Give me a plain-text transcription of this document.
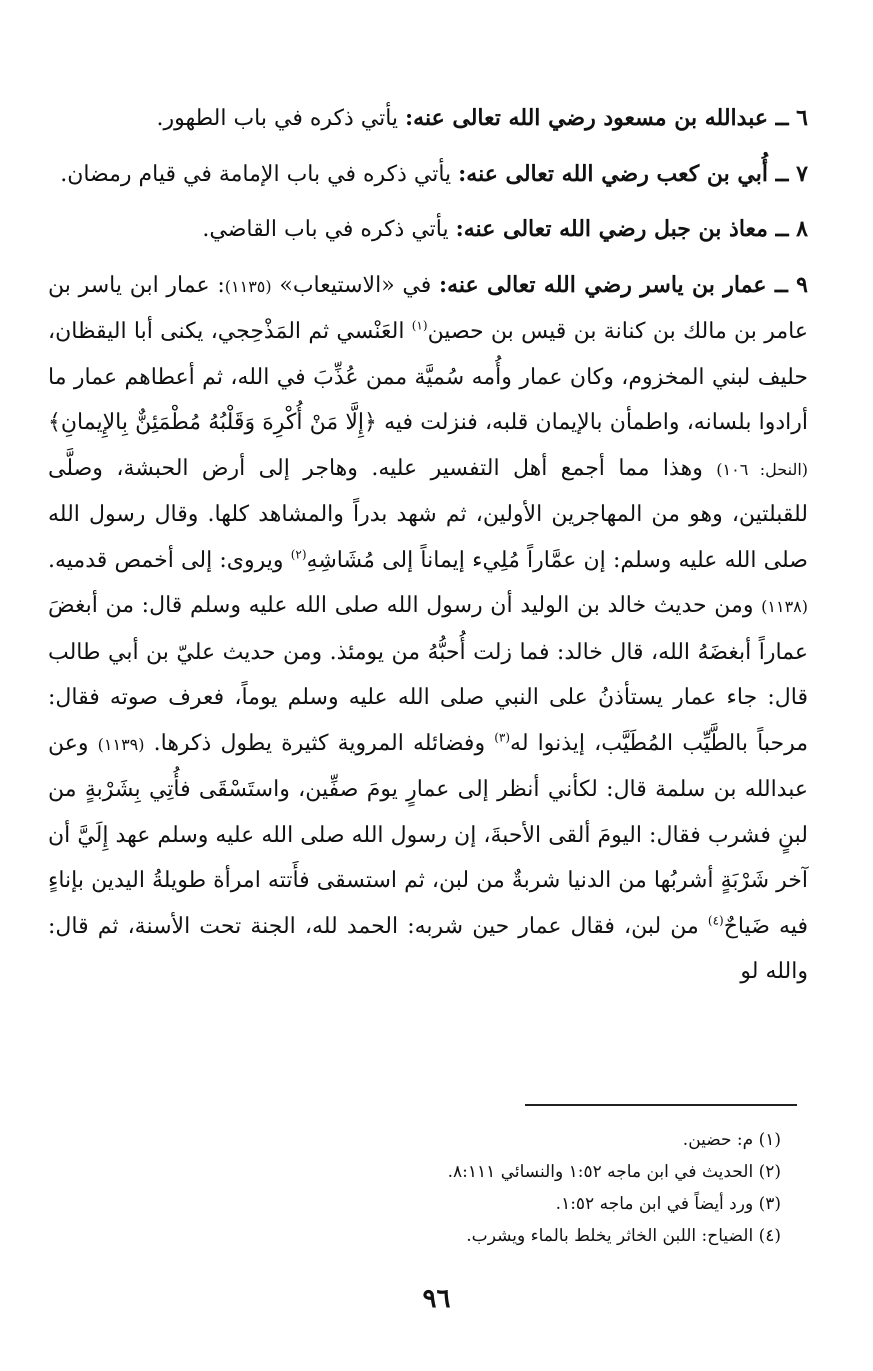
٦ ــ عبدالله بن مسعود رضي الله تعالى عنه: يأتي ذكره في باب الطهور.

٧ ــ أُبي بن كعب رضي الله تعالى عنه: يأتي ذكره في باب الإمامة في قيام رمضان.

٨ ــ معاذ بن جبل رضي الله تعالى عنه: يأتي ذكره في باب القاضي.

٩ ــ عمار بن ياسر رضي الله تعالى عنه: في «الاستيعاب» (١١٣٥): عمار ابن ياسر بن عامر بن مالك بن كنانة بن قيس بن حصين$^{(١)}$ العَنْسي ثم المَذْحِجي، يكنى أبا اليقظان، حليف لبني المخزوم، وكان عمار وأُمه سُميَّة ممن عُذِّبَ في الله، ثم أعطاهم عمار ما أرادوا بلسانه، واطمأن بالإيمان قلبه، فنزلت فيه ﴿إِلَّا مَنْ أُكْرِهَ وَقَلْبُهُ مُطْمَئِنٌّ بِالإِيمانِ﴾ (النحل: ١٠٦) وهذا مما أجمع أهل التفسير عليه. وهاجر إلى أرض الحبشة، وصلَّى للقبلتين، وهو من المهاجرين الأولين، ثم شهد بدراً والمشاهد كلها. وقال رسول الله صلى الله عليه وسلم: إن عمَّاراً مُلِيء إيماناً إلى مُشَاشِهِ$^{(٢)}$ ويروى: إلى أخمص قدميه. (١١٣٨) ومن حديث خالد بن الوليد أن رسول الله صلى الله عليه وسلم قال: من أبغضَ عماراً أبغضَهُ الله، قال خالد: فما زلت أُحبُّهُ من يومئذ. ومن حديث عليّ بن أبي طالب قال: جاء عمار يستأذنُ على النبي صلى الله عليه وسلم يوماً، فعرف صوته فقال: مرحباً بالطَّيِّب المُطَيَّب، إيذنوا له$^{(٣)}$ وفضائله المروية كثيرة يطول ذكرها. (١١٣٩) وعن عبدالله بن سلمة قال: لكأني أنظر إلى عمارٍ يومَ صفِّين، واستَسْقَى فأُتِي بِشَرْبةٍ من لبنٍ فشرب فقال: اليومَ ألقى الأحبةَ، إن رسول الله صلى الله عليه وسلم عهد إِلَيَّ أن آخر شَرْبَةٍ أشربُها من الدنيا شربةٌ من لبن، ثم استسقى فأَتته امرأة طويلةُ اليدين بإناءٍ فيه ضَياحٌ$^{(٤)}$ من لبن، فقال عمار حين شربه: الحمد لله، الجنة تحت الأسنة، ثم قال: والله لو

(١) م: حضين.

(٢) الحديث في ابن ماجه ١:٥٢ والنسائي ٨:١١١.

(٣) ورد أيضاً في ابن ماجه ١:٥٢.

(٤) الضياح: اللبن الخاثر يخلط بالماء ويشرب.

٩٦
